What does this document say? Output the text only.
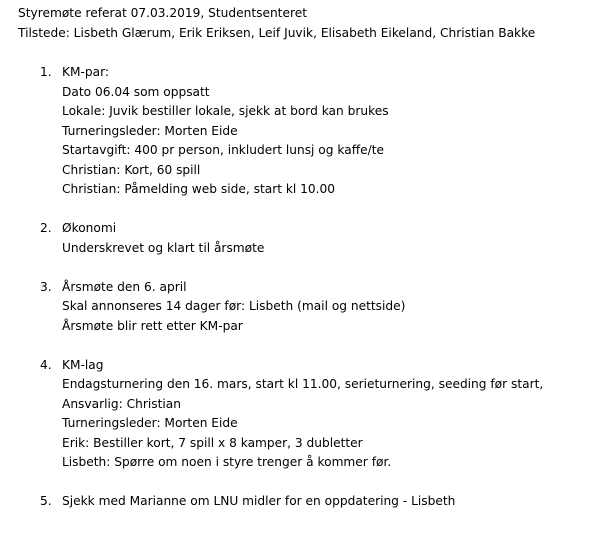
Styremøte referat 07.03.2019, Studentsenteret
Tilstede: Lisbeth Glærum, Erik Eriksen, Leif Juvik, Elisabeth Eikeland, Christian Bakke
1. KM-par:
Dato 06.04 som oppsatt
Lokale: Juvik bestiller lokale, sjekk at bord kan brukes
Turneringsleder: Morten Eide
Startavgift: 400 pr person, inkludert lunsj og kaffe/te
Christian: Kort, 60 spill
Christian: Påmelding web side, start kl 10.00
2. Økonomi
Underskrevet og klart til årsmøte
3. Årsmøte den 6. april
Skal annonseres 14 dager før: Lisbeth (mail og nettside)
Årsmøte blir rett etter KM-par
4. KM-lag
Endagsturnering den 16. mars, start kl 11.00, serieturnering, seeding før start, Ansvarlig: Christian
Turneringsleder: Morten Eide
Erik: Bestiller kort, 7 spill x 8 kamper, 3 dubletter
Lisbeth: Spørre om noen i styre trenger å kommer før.
5. Sjekk med Marianne om LNU midler for en oppdatering - Lisbeth
